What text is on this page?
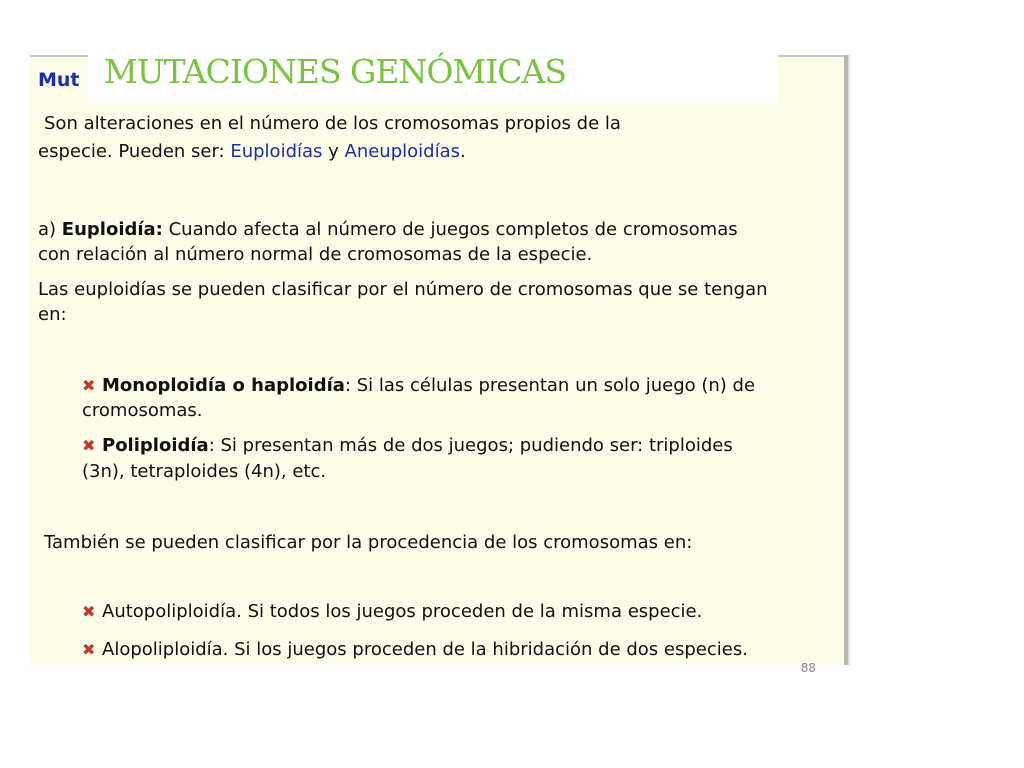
Mut
Son alteraciones en el número de los cromosomas propios de la
especie. Pueden ser: Euploidías y Aneuploidías.
a) Euploidía: Cuando afecta al número de juegos completos de cromosomas
con relación al número normal de cromosomas de la especie.
Las euploidías se pueden clasificar por el número de cromosomas que se tengan
en:
✖ Monoploidía o haploidía: Si las células presentan un solo juego (n) de
cromosomas.
✖ Poliploidía: Si presentan más de dos juegos; pudiendo ser: triploides
(3n), tetraploides (4n), etc.
También se pueden clasificar por la procedencia de los cromosomas en:
✖ Autopoliploidía. Si todos los juegos proceden de la misma especie.
✖ Alopoliploidía. Si los juegos proceden de la hibridación de dos especies.
88
MUTACIONES GENÓMICAS
